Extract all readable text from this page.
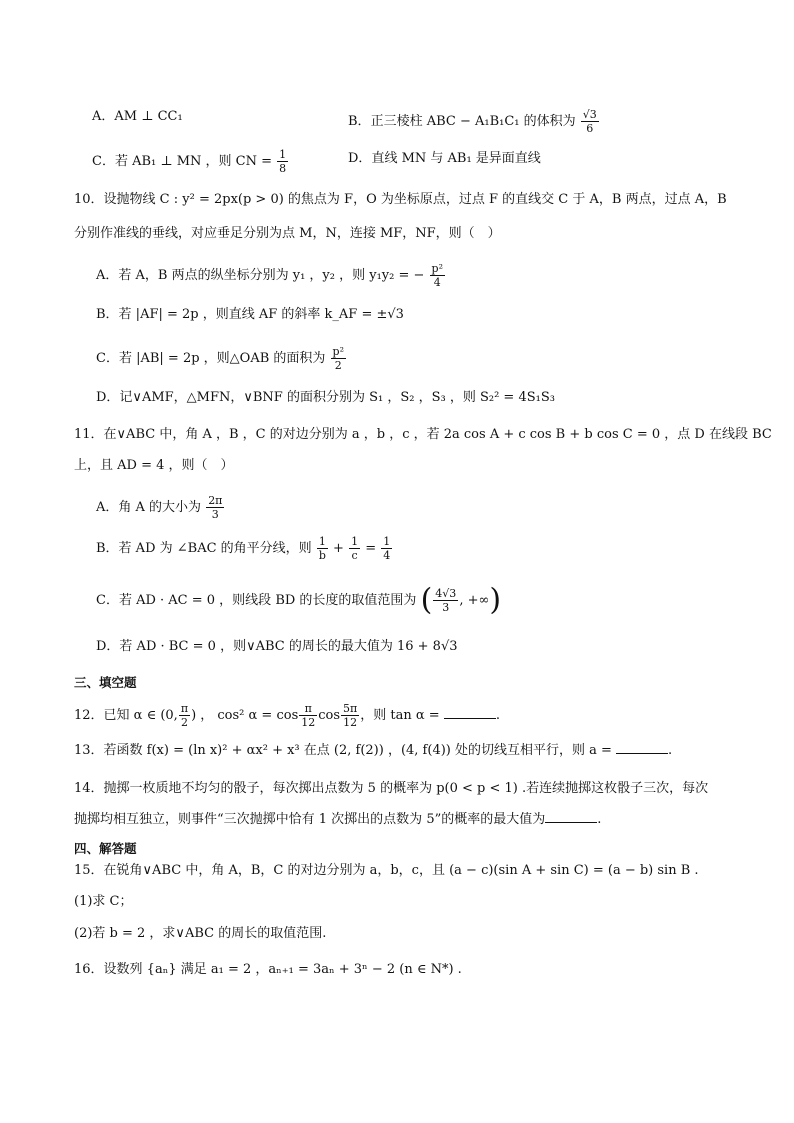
A．AM ⊥ CC₁	B．正三棱柱 ABC − A₁B₁C₁ 的体积为 $\frac{√3}{6}$
C．若 AB₁ ⊥ MN ，则 CN = $\frac{1}{8}$	D．直线 MN 与 AB₁ 是异面直线
10．设抛物线 C : y² = 2px(p > 0) 的焦点为 F，O 为坐标原点，过点 F 的直线交 C 于 A，B 两点，过点 A，B
分别作准线的垂线，对应垂足分别为点 M，N，连接 MF，NF，则（　）
A．若 A，B 两点的纵坐标分别为 y₁ ，y₂ ，则 y₁y₂ = − $\frac{\text{p²}}{4}$
B．若 |AF| = 2p ，则直线 AF 的斜率 k_AF = ±√3
C．若 |AB| = 2p ，则△OAB 的面积为 $\frac{\text{p²}}{2}$
D．记∨AMF，△MFN，∨BNF 的面积分别为 S₁ ，S₂ ，S₃ ，则 S₂² = 4S₁S₃
11．在∨ABC 中，角 A ，B ，C 的对边分别为 a ，b ，c ，若 2a cos A + c cos B + b cos C = 0 ，点 D 在线段 BC
上，且 AD = 4 ，则（　）
A．角 A 的大小为 $\frac{2\pi}{3}$
B．若 AD 为 ∠BAC 的角平分线，则 $\frac{1}{b} + \frac{1}{c} = \frac{1}{4}$
C．若 AD · AC = 0 ，则线段 BD 的长度的取值范围为 ( $\frac{4√3}{3}$ , +∞)
D．若 AD · BC = 0 ，则∨ABC 的周长的最大值为 16 + 8√3
三、填空题
12．已知 α ∈ (0, $\frac{\pi}{2}$ ) ， cos² $\alpha = \cos \frac{\pi}{12}$ $\cos \frac{5\pi}{12}$ ，则 tan α =	.
13．若函数 f(x) = (ln x)² + αx² + x³ 在点 (2, f(2)) ，(4, f(4)) 处的切线互相平行，则 a =	.
14．抛掷一枚质地不均匀的骰子，每次掷出点数为 5 的概率为 p(0 < p < 1) .若连续抛掷这枚骰子三次，每次
抛掷均相互独立，则事件“三次抛掷中恰有 1 次掷出的点数为 5”的概率的最大值为	.
四、解答题
15．在锐角∨ABC 中，角 A，B，C 的对边分别为 a，b，c，且 (a − c)(sin A + sin C) = (a − b) sin B .
(1)求 C；
(2)若 b = 2 ，求∨ABC 的周长的取值范围.
16．设数列 {aₙ} 满足 a₁ = 2 ，aₙ₊₁ = 3aₙ + 3ⁿ − 2 (n ∈ N*) .
